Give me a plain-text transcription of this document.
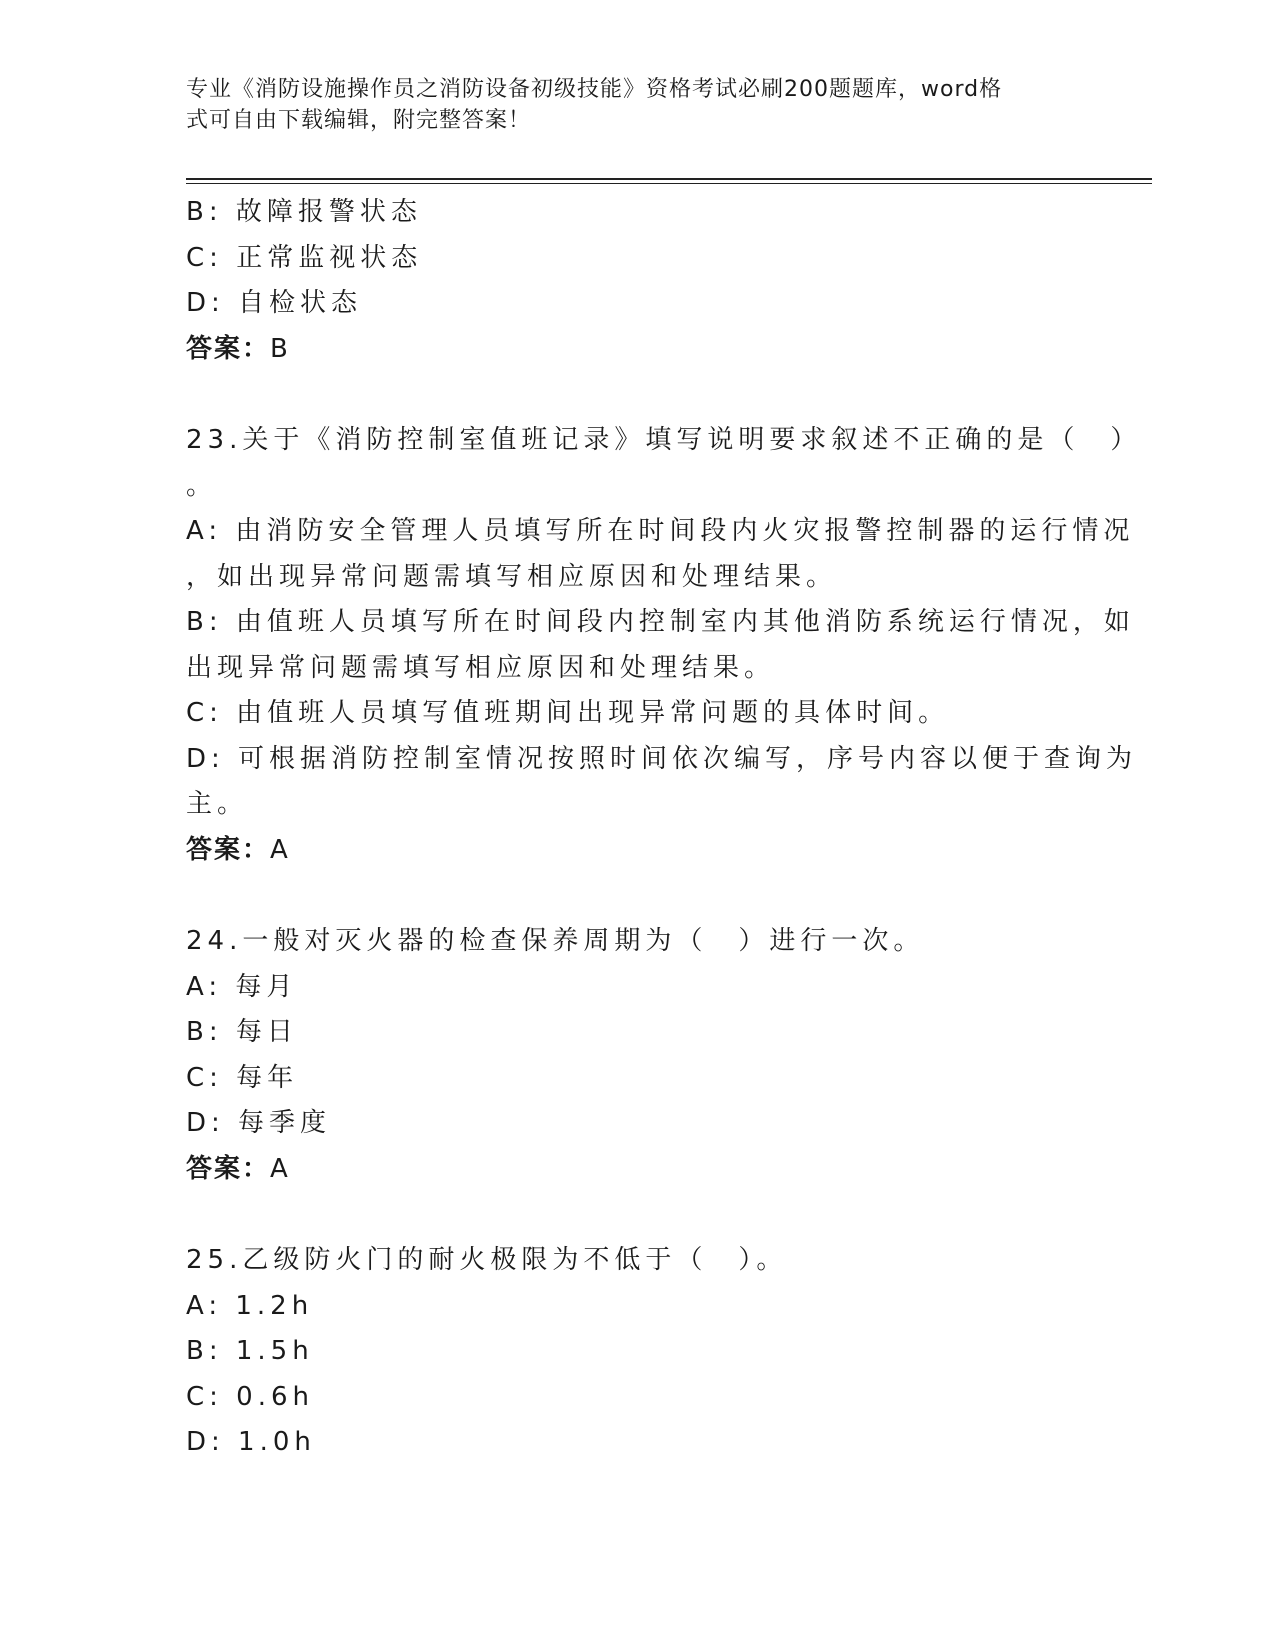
专业《消防设施操作员之消防设备初级技能》资格考试必刷200题题库，word格
式可自由下载编辑，附完整答案！
B: 故障报警状态
C: 正常监视状态
D: 自检状态
答案：B
23.关于《消防控制室值班记录》填写说明要求叙述不正确的是（　）
。
A: 由消防安全管理人员填写所在时间段内火灾报警控制器的运行情况
，如出现异常问题需填写相应原因和处理结果。
B: 由值班人员填写所在时间段内控制室内其他消防系统运行情况，如
出现异常问题需填写相应原因和处理结果。
C: 由值班人员填写值班期间出现异常问题的具体时间。
D: 可根据消防控制室情况按照时间依次编写，序号内容以便于查询为
主。
答案：A
24.一般对灭火器的检查保养周期为（　）进行一次。
A: 每月
B: 每日
C: 每年
D: 每季度
答案：A
25.乙级防火门的耐火极限为不低于（　）。
A: 1.2h
B: 1.5h
C: 0.6h
D: 1.0h
